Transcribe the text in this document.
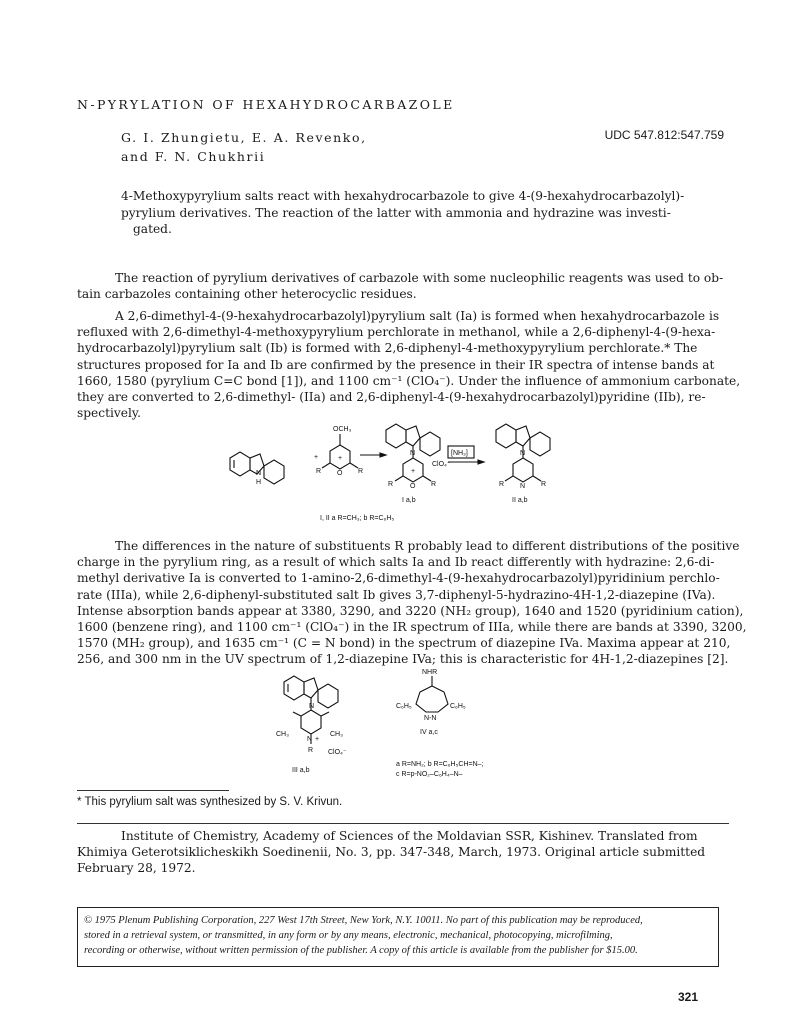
N-PYRYLATION OF HEXAHYDROCARBAZOLE
G. I. Zhungietu, E. A. Revenko,
and F. N. Chukhrii
UDC 547.812:547.759
4-Methoxypyrylium salts react with hexahydrocarbazole to give 4-(9-hexahydrocarbazolyl)-
pyrylium derivatives. The reaction of the latter with ammonia and hydrazine was investi-
gated.
The reaction of pyrylium derivatives of carbazole with some nucleophilic reagents was used to ob-
tain carbazoles containing other heterocyclic residues.
A 2,6-dimethyl-4-(9-hexahydrocarbazolyl)pyrylium salt (Ia) is formed when hexahydrocarbazole is
refluxed with 2,6-dimethyl-4-methoxypyrylium perchlorate in methanol, while a 2,6-diphenyl-4-(9-hexa-
hydrocarbazolyl)pyrylium salt (Ib) is formed with 2,6-diphenyl-4-methoxypyrylium perchlorate.* The
structures proposed for Ia and Ib are confirmed by the presence in their IR spectra of intense bands at
1660, 1580 (pyrylium C=C bond [1]), and 1100 cm⁻¹ (ClO₄⁻). Under the influence of ammonium carbonate,
they are converted to 2,6-dimethyl- (IIa) and 2,6-diphenyl-4-(9-hexahydrocarbazolyl)pyridine (IIb), re-
spectively.
OCH₃
+	+
N
H
O
R	R
N
ClO₄⁻
+
O
R	R
[NH₃]	N
N
R	R
I a,b	II a,b
I, II a R=CH₃; b R=C₆H₅
The differences in the nature of substituents R probably lead to different distributions of the positive
charge in the pyrylium ring, as a result of which salts Ia and Ib react differently with hydrazine: 2,6-di-
methyl derivative Ia is converted to 1-amino-2,6-dimethyl-4-(9-hexahydrocarbazolyl)pyridinium perchlo-
rate (IIIa), while 2,6-diphenyl-substituted salt Ib gives 3,7-diphenyl-5-hydrazino-4H-1,2-diazepine (IVa).
Intense absorption bands appear at 3380, 3290, and 3220 (NH₂ group), 1640 and 1520 (pyridinium cation),
1600 (benzene ring), and 1100 cm⁻¹ (ClO₄⁻) in the IR spectrum of IIIa, while there are bands at 3390, 3200,
1570 (MH₂ group), and 1635 cm⁻¹ (C = N bond) in the spectrum of diazepine IVa. Maxima appear at 210,
256, and 300 nm in the UV spectrum of 1,2-diazepine IVa; this is characteristic for 4H-1,2-diazepines [2].
CH₃	CH₃
N
N +
R ClO₄⁻
III a,b
NHR
C₆H₅	C₆H₅
N-N
IV a,c
a R=NH₂; b R=C₆H₅CH=N–;
c R=p-NO₂–C₆H₄–N–
* This pyrylium salt was synthesized by S. V. Krivun.
Institute of Chemistry, Academy of Sciences of the Moldavian SSR, Kishinev. Translated from
Khimiya Geterotsiklicheskikh Soedinenii, No. 3, pp. 347-348, March, 1973. Original article submitted
February 28, 1972.
© 1975 Plenum Publishing Corporation, 227 West 17th Street, New York, N.Y. 10011. No part of this publication may be reproduced,
stored in a retrieval system, or transmitted, in any form or by any means, electronic, mechanical, photocopying, microfilming,
recording or otherwise, without written permission of the publisher. A copy of this article is available from the publisher for $15.00.
321
